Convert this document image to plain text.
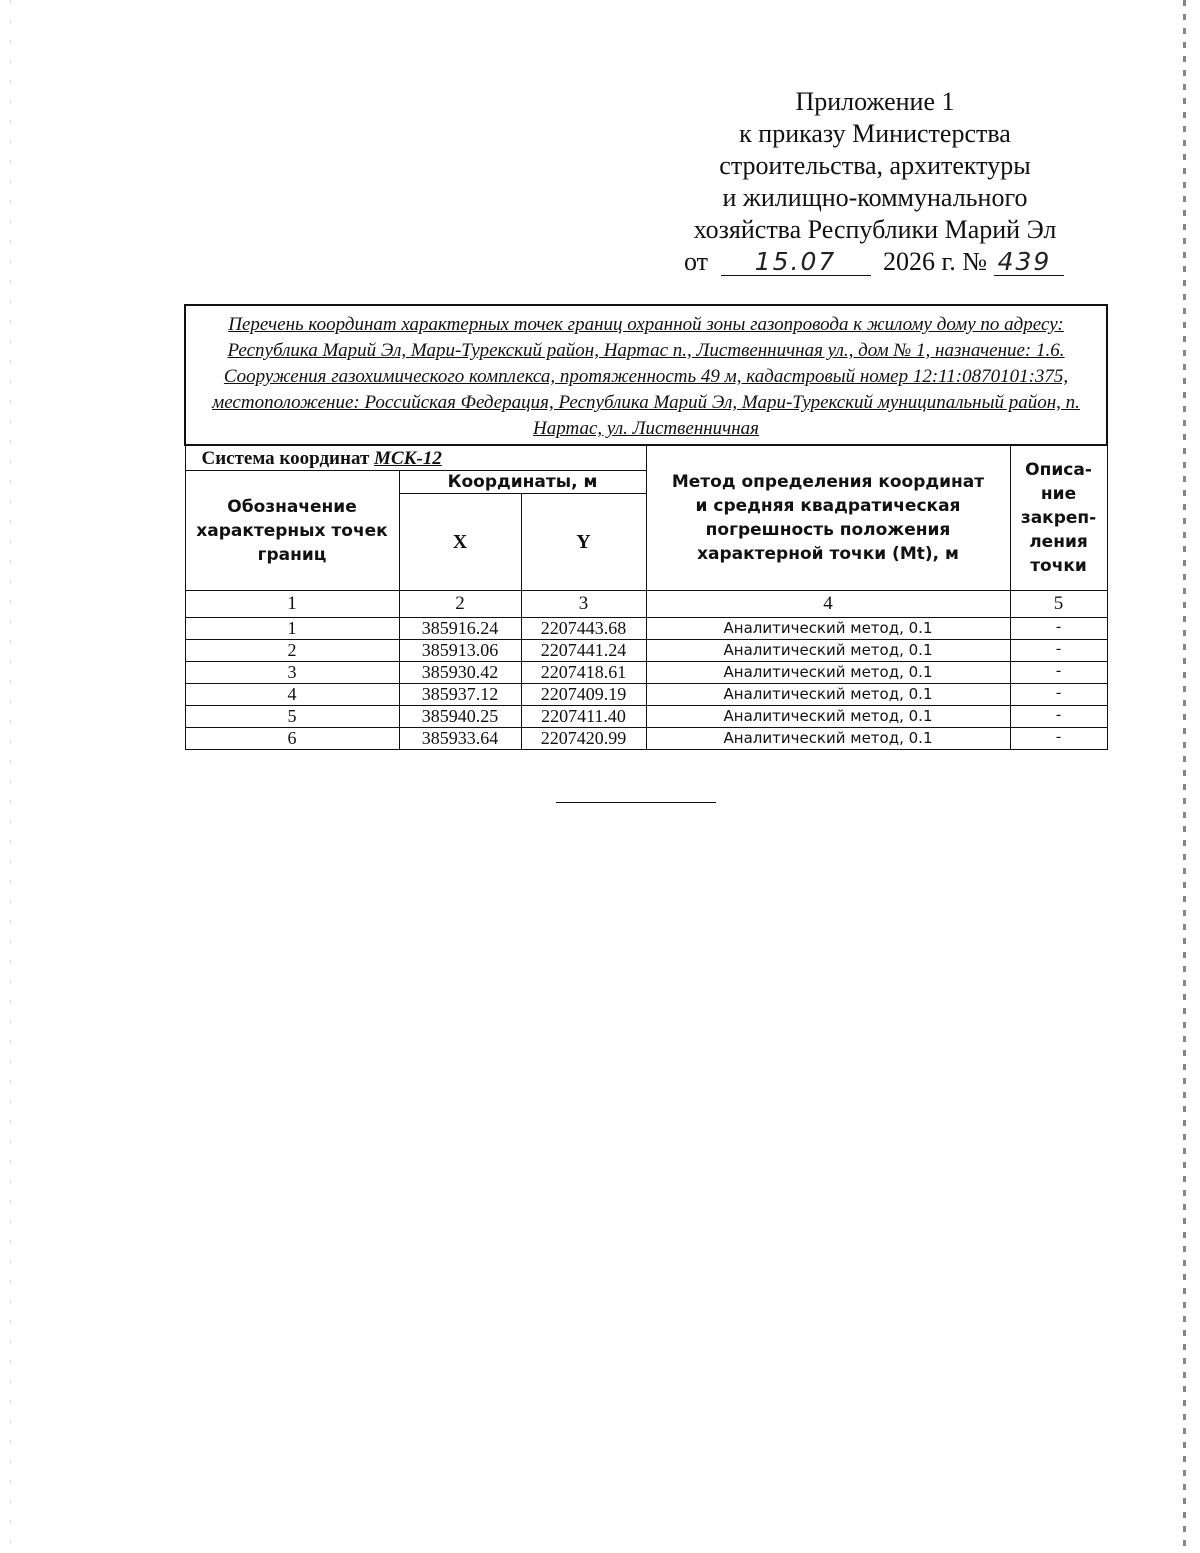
Приложение 1
к приказу Министерства
строительства, архитектуры
и жилищно-коммунального
хозяйства Республики Марий Эл
от 15.07 2026 г. № 439
Перечень координат характерных точек границ охранной зоны газопровода к жилому дому по адресу: Республика Марий Эл, Мари-Турекский район, Нартас п., Лиственничная ул., дом № 1, назначение: 1.6. Сооружения газохимического комплекса, протяженность 49 м, кадастровый номер 12:11:0870101:375, местоположение: Российская Федерация, Республика Марий Эл, Мари-Турекский муниципальный район, п. Нартас, ул. Лиственничная				
Система координат МСК-12			Метод определения координат и средняя квадратическая погрешность положения характерной точки (Mt), м	Описа-ние закреп-ления точки
Обозначение характерных точек границ	Координаты, м			
	X	Y		
1	2	3	4	5
1	385916.24	2207443.68	Аналитический метод, 0.1	-
2	385913.06	2207441.24	Аналитический метод, 0.1	-
3	385930.42	2207418.61	Аналитический метод, 0.1	-
4	385937.12	2207409.19	Аналитический метод, 0.1	-
5	385940.25	2207411.40	Аналитический метод, 0.1	-
6	385933.64	2207420.99	Аналитический метод, 0.1	-
